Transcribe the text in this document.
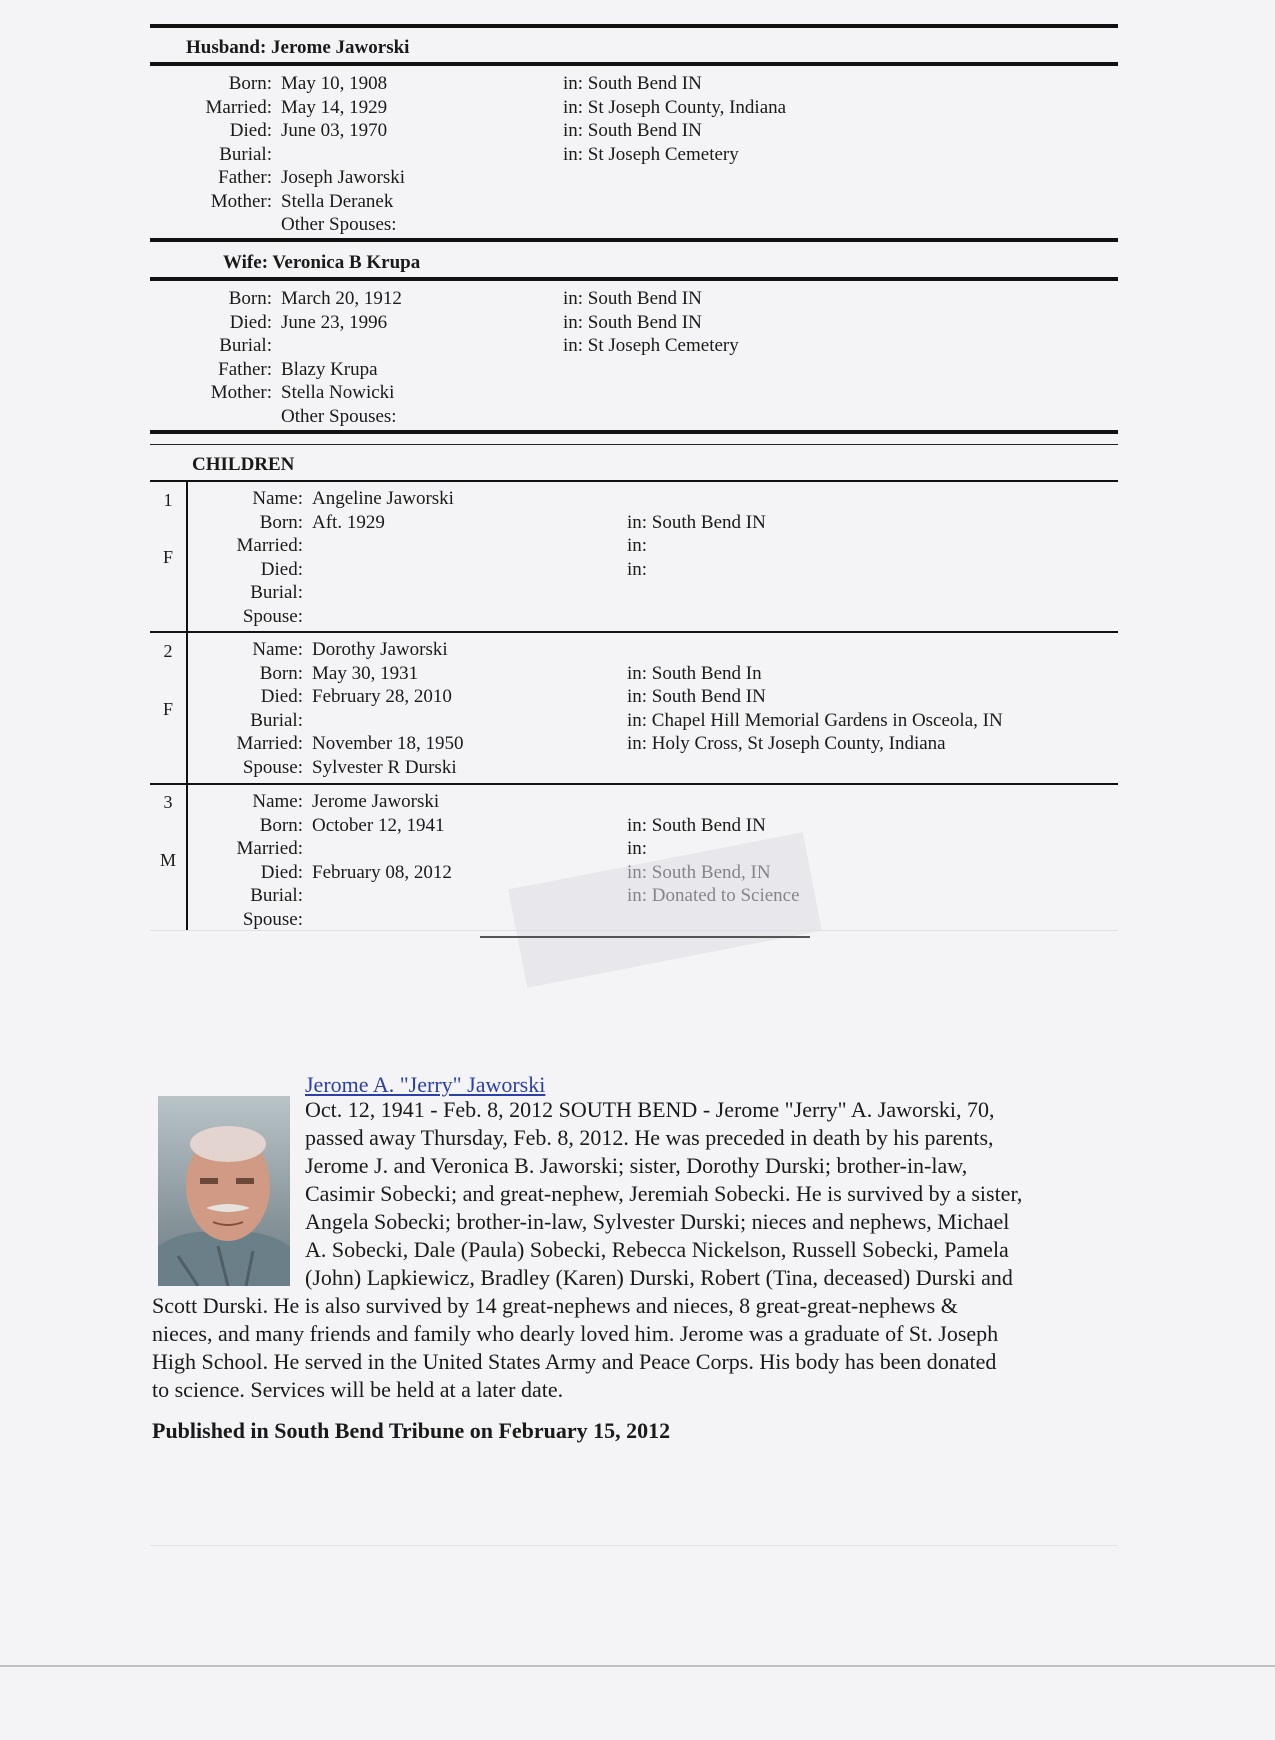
Husband: Jerome Jaworski
Born:
Married:
Died:
Burial:
Father:
Mother:
May 10, 1908
May 14, 1929
June 03, 1970
Joseph Jaworski
Stella Deranek
Other Spouses:
in: South Bend IN
in: St Joseph County, Indiana
in: South Bend IN
in: St Joseph Cemetery
Wife: Veronica B Krupa
Born:
Died:
Burial:
Father:
Mother:
March 20, 1912
June 23, 1996
Blazy Krupa
Stella Nowicki
Other Spouses:
in: South Bend IN
in: South Bend IN
in: St Joseph Cemetery
CHILDREN
1
F
Name:
Born:
Married:
Died:
Burial:
Spouse:
Angeline Jaworski
Aft. 1929	in: South Bend IN
in:
in:
2
F
Name:
Born:
Died:
Burial:
Married:
Spouse:
Dorothy Jaworski
May 30, 1931
February 28, 2010
November 18, 1950
Sylvester R Durski
in: South Bend In
in: South Bend IN
in: Chapel Hill Memorial Gardens in Osceola, IN
in: Holy Cross, St Joseph County, Indiana
3
M
Name:
Born:
Married:
Died:
Burial:
Spouse:
Jerome Jaworski
October 12, 1941
February 08, 2012
in: South Bend IN
in:
Jerome A. "Jerry" Jaworski
Oct. 12, 1941 - Feb. 8, 2012 SOUTH BEND - Jerome "Jerry" A. Jaworski, 70,
passed away Thursday, Feb. 8, 2012. He was preceded in death by his parents,
Jerome J. and Veronica B. Jaworski; sister, Dorothy Durski; brother-in-law,
Casimir Sobecki; and great-nephew, Jeremiah Sobecki. He is survived by a sister,
Angela Sobecki; brother-in-law, Sylvester Durski; nieces and nephews, Michael
A. Sobecki, Dale (Paula) Sobecki, Rebecca Nickelson, Russell Sobecki, Pamela
(John) Lapkiewicz, Bradley (Karen) Durski, Robert (Tina, deceased) Durski and
Scott Durski. He is also survived by 14 great-nephews and nieces, 8 great-great-nephews &
nieces, and many friends and family who dearly loved him. Jerome was a graduate of St. Joseph
High School. He served in the United States Army and Peace Corps. His body has been donated
to science. Services will be held at a later date.
Published in South Bend Tribune on February 15, 2012
